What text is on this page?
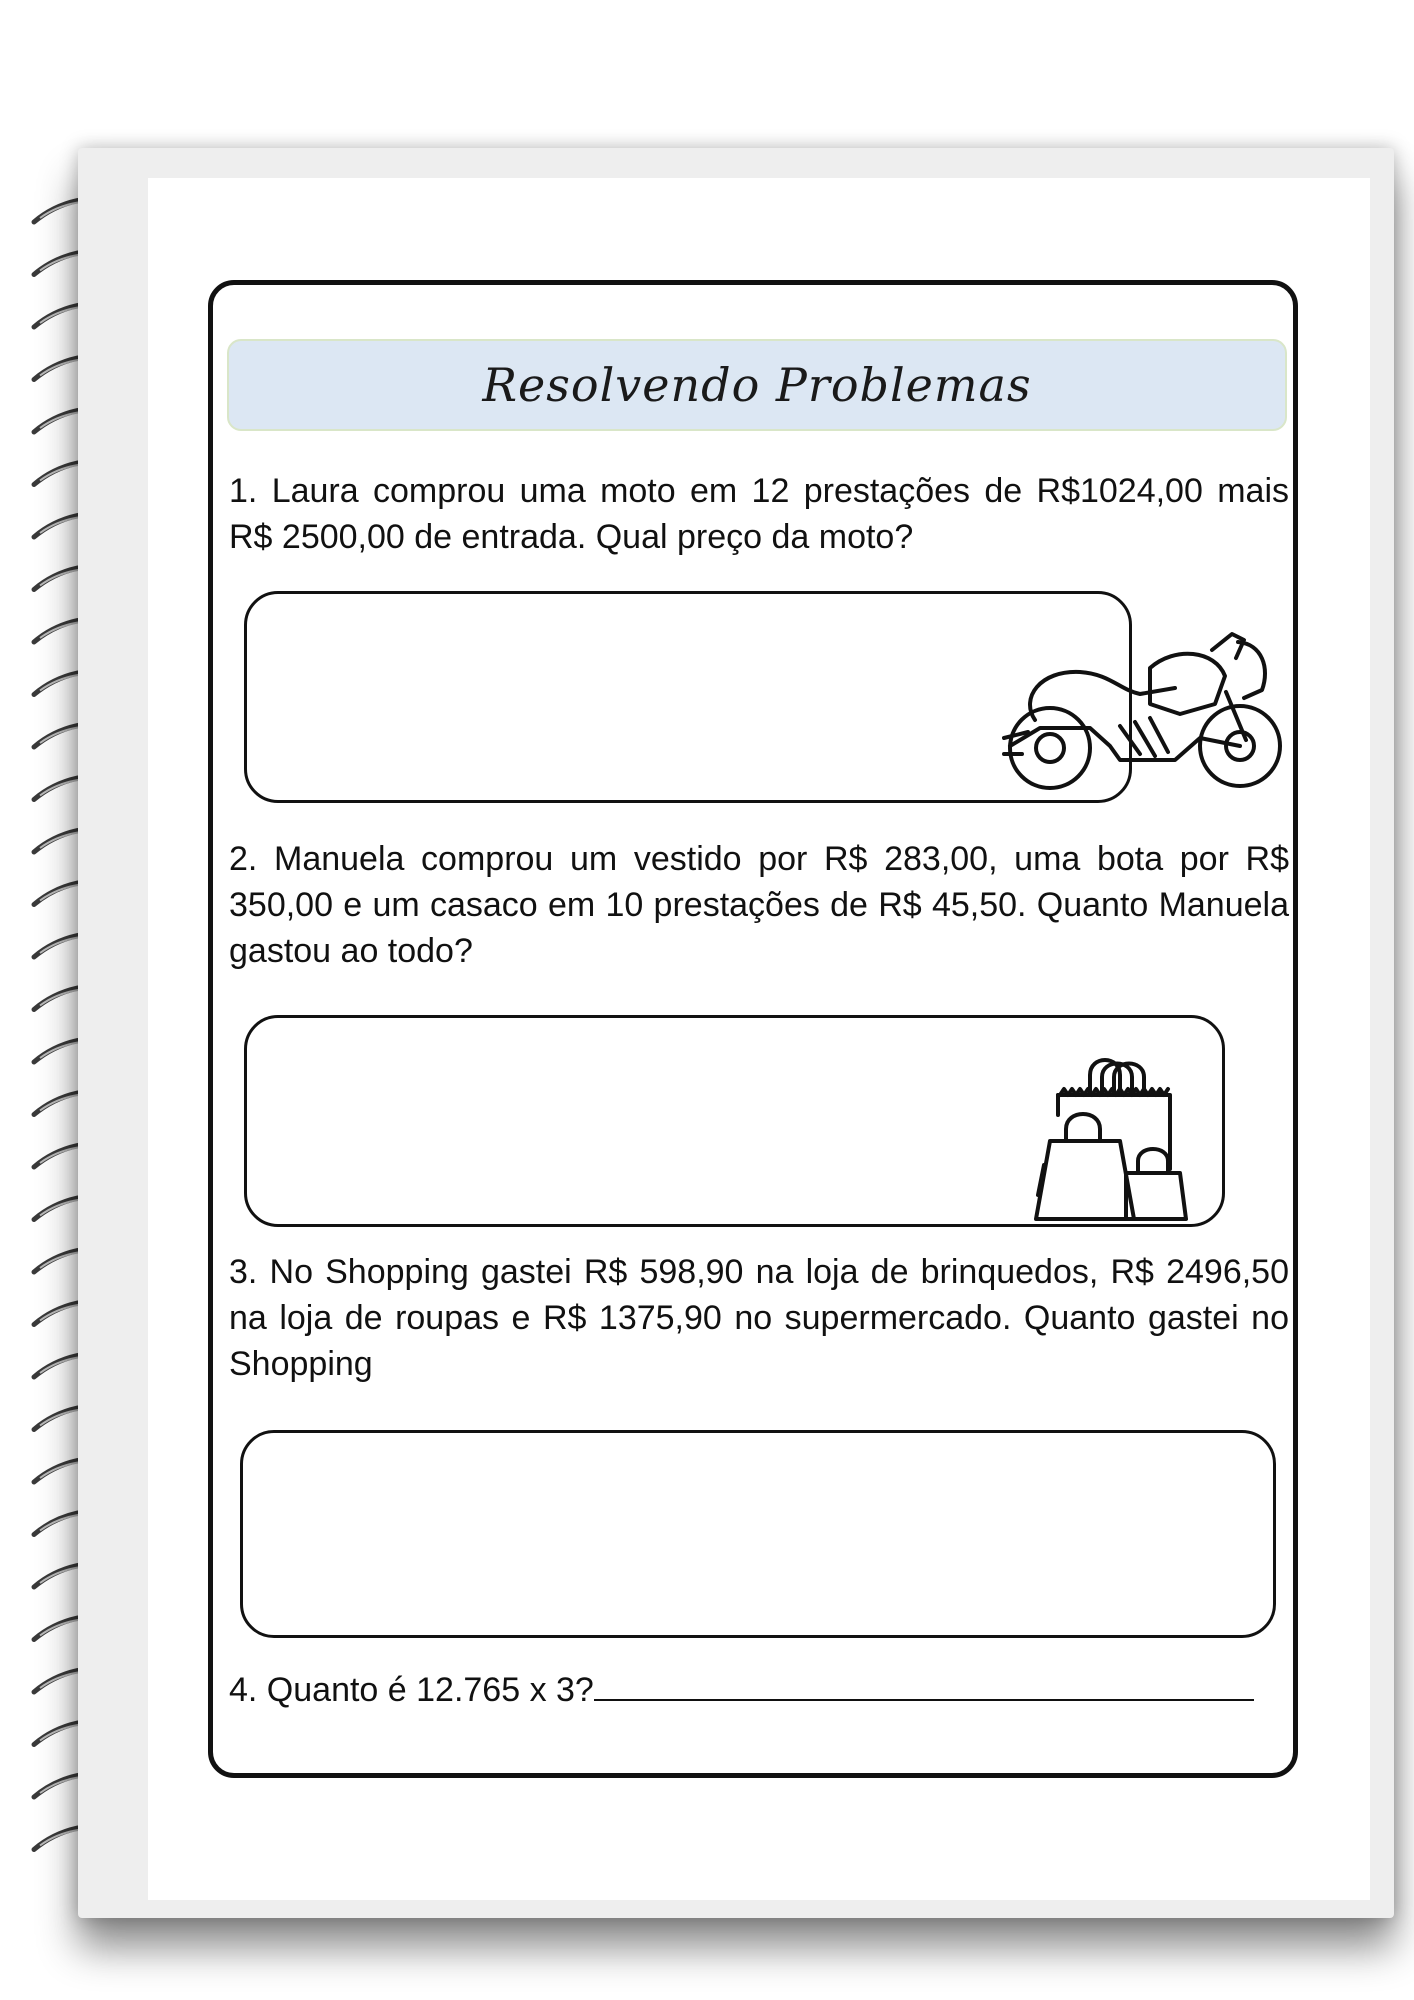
Resolvendo Problemas
1. Laura comprou uma moto em 12 prestações de R$1024,00 mais R$ 2500,00 de entrada. Qual preço da moto?
2. Manuela comprou um vestido por R$ 283,00, uma bota por R$ 350,00 e um casaco em 10 prestações de R$ 45,50. Quanto Manuela gastou ao todo?
3. No Shopping gastei R$ 598,90 na loja de brinquedos, R$ 2496,50 na loja de roupas e R$ 1375,90 no supermercado. Quanto gastei no Shopping
4. Quanto é 12.765 x 3?
